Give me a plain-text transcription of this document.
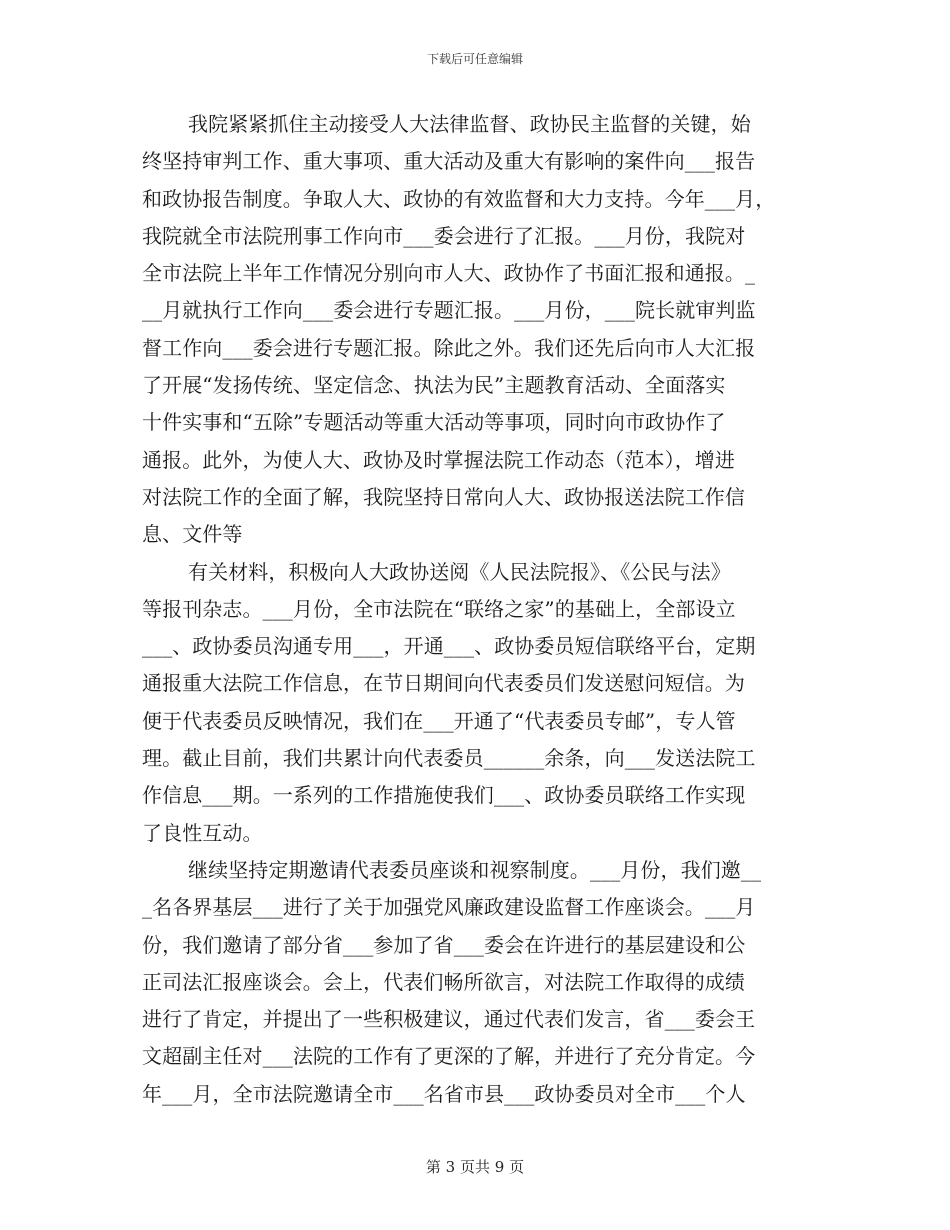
下载后可任意编辑
我院紧紧抓住主动接受人大法律监督、政协民主监督的关键，始
终坚持审判工作、重大事项、重大活动及重大有影响的案件向___报告
和政协报告制度。争取人大、政协的有效监督和大力支持。今年___月，
我院就全市法院刑事工作向市___委会进行了汇报。___月份，我院对
全市法院上半年工作情况分别向市人大、政协作了书面汇报和通报。_
__月就执行工作向___委会进行专题汇报。___月份，___院长就审判监
督工作向___委会进行专题汇报。除此之外。我们还先后向市人大汇报
了开展“发扬传统、坚定信念、执法为民”主题教育活动、全面落实
十件实事和“五除”专题活动等重大活动等事项，同时向市政协作了
通报。此外，为使人大、政协及时掌握法院工作动态（范本），增进
对法院工作的全面了解，我院坚持日常向人大、政协报送法院工作信
息、文件等
有关材料，积极向人大政协送阅《人民法院报》、《公民与法》
等报刊杂志。___月份，全市法院在“联络之家”的基础上，全部设立
___、政协委员沟通专用___，开通___、政协委员短信联络平台，定期
通报重大法院工作信息，在节日期间向代表委员们发送慰问短信。为
便于代表委员反映情况，我们在___开通了“代表委员专邮”，专人管
理。截止目前，我们共累计向代表委员______余条，向___发送法院工
作信息___期。一系列的工作措施使我们___、政协委员联络工作实现
了良性互动。
继续坚持定期邀请代表委员座谈和视察制度。___月份，我们邀__
_名各界基层___进行了关于加强党风廉政建设监督工作座谈会。___月
份，我们邀请了部分省___参加了省___委会在许进行的基层建设和公
正司法汇报座谈会。会上，代表们畅所欲言，对法院工作取得的成绩
进行了肯定，并提出了一些积极建议，通过代表们发言，省___委会王
文超副主任对___法院的工作有了更深的了解，并进行了充分肯定。今
年___月，全市法院邀请全市___名省市县___政协委员对全市___个人
第 3 页共 9 页
